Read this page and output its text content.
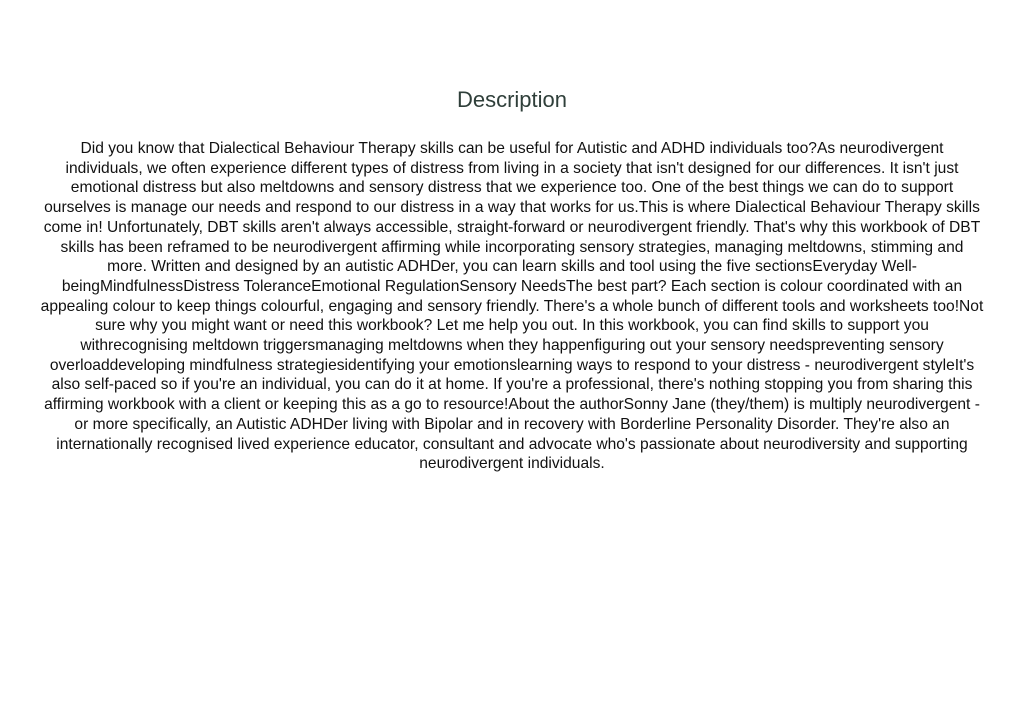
Description

Did you know that Dialectical Behaviour Therapy skills can be useful for Autistic and ADHD individuals too?As neurodivergent individuals, we often experience different types of distress from living in a society that isn't designed for our differences. It isn't just emotional distress but also meltdowns and sensory distress that we experience too. One of the best things we can do to support ourselves is manage our needs and respond to our distress in a way that works for us.This is where Dialectical Behaviour Therapy skills come in! Unfortunately, DBT skills aren't always accessible, straight-forward or neurodivergent friendly. That's why this workbook of DBT skills has been reframed to be neurodivergent affirming while incorporating sensory strategies, managing meltdowns, stimming and more. Written and designed by an autistic ADHDer, you can learn skills and tool using the five sectionsEveryday Well-beingMindfulnessDistress ToleranceEmotional RegulationSensory NeedsThe best part? Each section is colour coordinated with an appealing colour to keep things colourful, engaging and sensory friendly. There's a whole bunch of different tools and worksheets too!Not sure why you might want or need this workbook? Let me help you out. In this workbook, you can find skills to support you withrecognising meltdown triggersmanaging meltdowns when they happenfiguring out your sensory needspreventing sensory overloaddeveloping mindfulness strategiesidentifying your emotionslearning ways to respond to your distress - neurodivergent styleIt's also self-paced so if you're an individual, you can do it at home. If you're a professional, there's nothing stopping you from sharing this affirming workbook with a client or keeping this as a go to resource!About the authorSonny Jane (they/them) is multiply neurodivergent - or more specifically, an Autistic ADHDer living with Bipolar and in recovery with Borderline Personality Disorder. They're also an internationally recognised lived experience educator, consultant and advocate who's passionate about neurodiversity and supporting neurodivergent individuals.
